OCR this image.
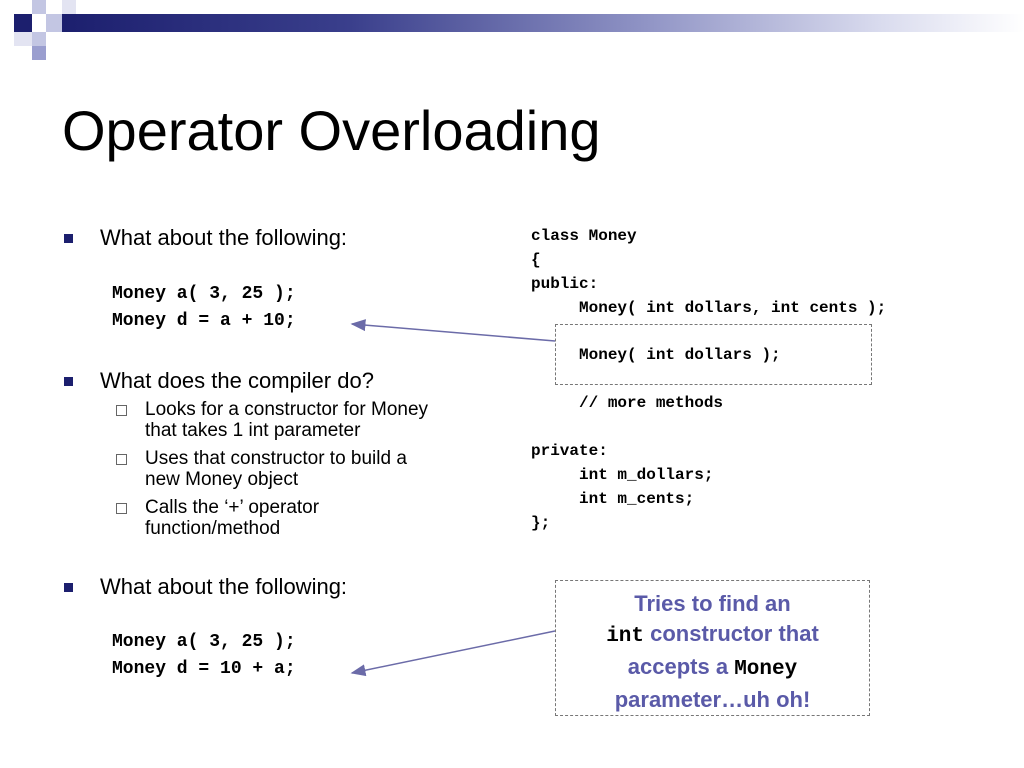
Operator Overloading
What about the following:
Money a( 3, 25 );
Money d = a + 10;
What does the compiler do?
Looks for a constructor for Money
that takes 1 int parameter
Uses that constructor to build a
new Money object
Calls the ‘+’ operator
function/method
What about the following:
Money a( 3, 25 );
Money d = 10 + a;
class Money
{
public:
Money( int dollars, int cents );
Money( int dollars );
// more methods
private:
int m_dollars;
int m_cents;
};
Tries to find an
int constructor that
accepts a Money
parameter…uh oh!
